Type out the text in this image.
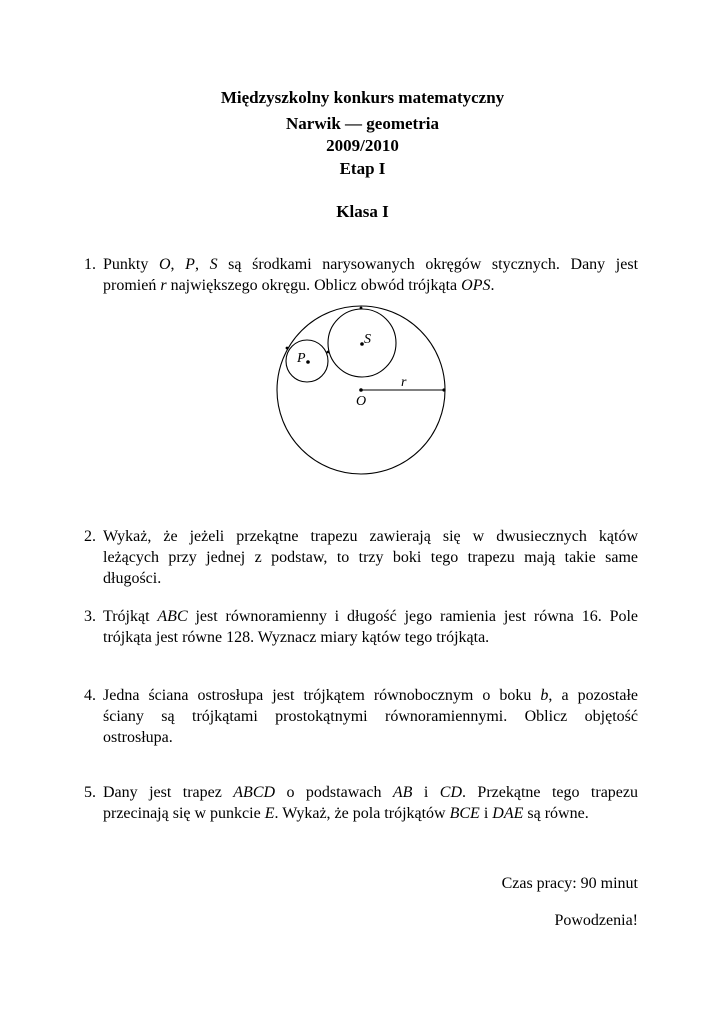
Międzyszkolny konkurs matematyczny
Narwik — geometria
2009/2010
Etap I
Klasa I
1. Punkty O, P, S są środkami narysowanych okręgów stycznych. Dany jest
promień r największego okręgu. Oblicz obwód trójkąta OPS.
S
P
O
r
2. Wykaż, że jeżeli przekątne trapezu zawierają się w dwusiecznych kątów
leżących przy jednej z podstaw, to trzy boki tego trapezu mają takie same
długości.
3. Trójkąt ABC jest równoramienny i długość jego ramienia jest równa 16. Pole
trójkąta jest równe 128. Wyznacz miary kątów tego trójkąta.
4. Jedna ściana ostrosłupa jest trójkątem równobocznym o boku b, a pozostałe
ściany są trójkątami prostokątnymi równoramiennymi. Oblicz objętość
ostrosłupa.
5. Dany jest trapez ABCD o podstawach AB i CD. Przekątne tego trapezu
przecinają się w punkcie E. Wykaż, że pola trójkątów BCE i DAE są równe.
Czas pracy: 90 minut
Powodzenia!
